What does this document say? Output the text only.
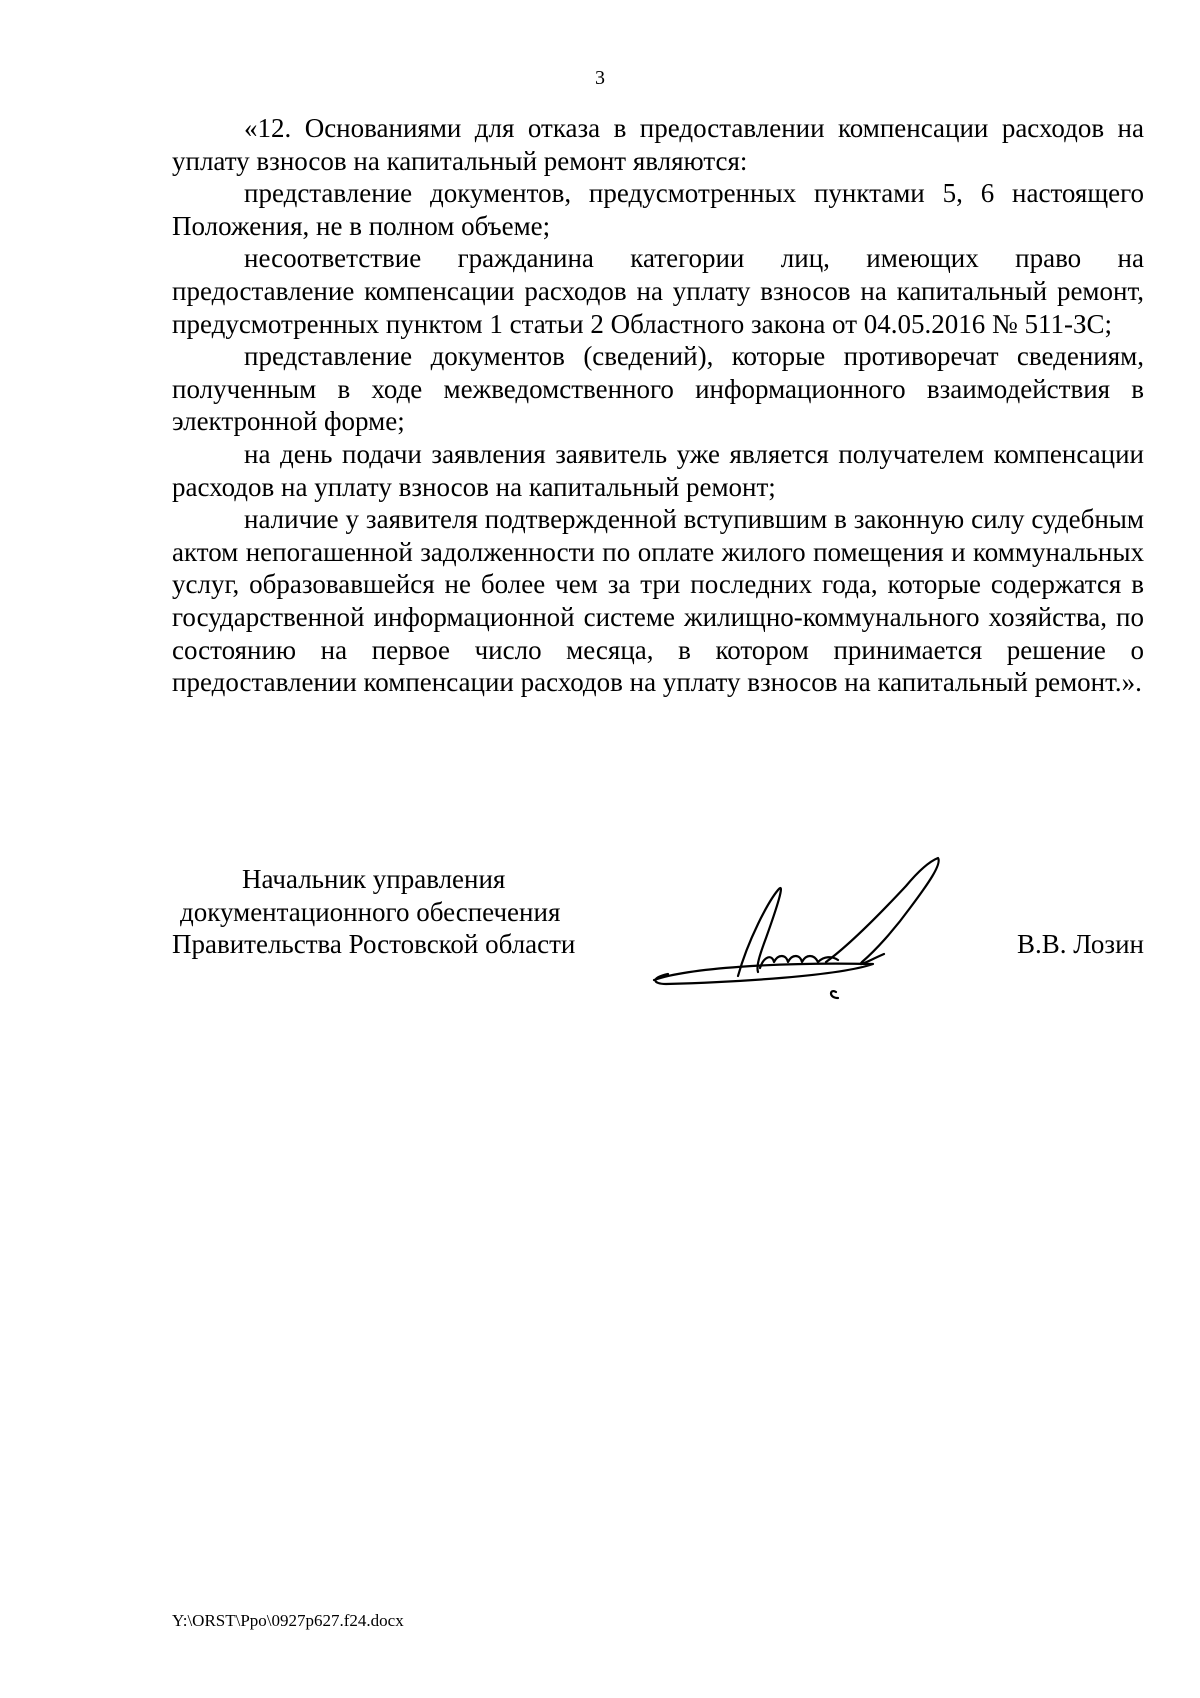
3

«12. Основаниями для отказа в предоставлении компенсации расходов на уплату взносов на капитальный ремонт являются:

представление документов, предусмотренных пунктами 5, 6 настоящего Положения, не в полном объеме;

несоответствие гражданина категории лиц, имеющих право на предоставление компенсации расходов на уплату взносов на капитальный ремонт, предусмотренных пунктом 1 статьи 2 Областного закона от 04.05.2016 № 511-ЗС;

представление документов (сведений), которые противоречат сведениям, полученным в ходе межведомственного информационного взаимодействия в электронной форме;

на день подачи заявления заявитель уже является получателем компенсации расходов на уплату взносов на капитальный ремонт;

наличие у заявителя подтвержденной вступившим в законную силу судебным актом непогашенной задолженности по оплате жилого помещения и коммунальных услуг, образовавшейся не более чем за три последних года, которые содержатся в государственной информационной системе жилищно-коммунального хозяйства, по состоянию на первое число месяца, в котором принимается решение о предоставлении компенсации расходов на уплату взносов на капитальный ремонт.».

Начальник управления
документационного обеспечения
Правительства Ростовской области	В.В. Лозин
Y:\ORST\Ppo\0927p627.f24.docx
